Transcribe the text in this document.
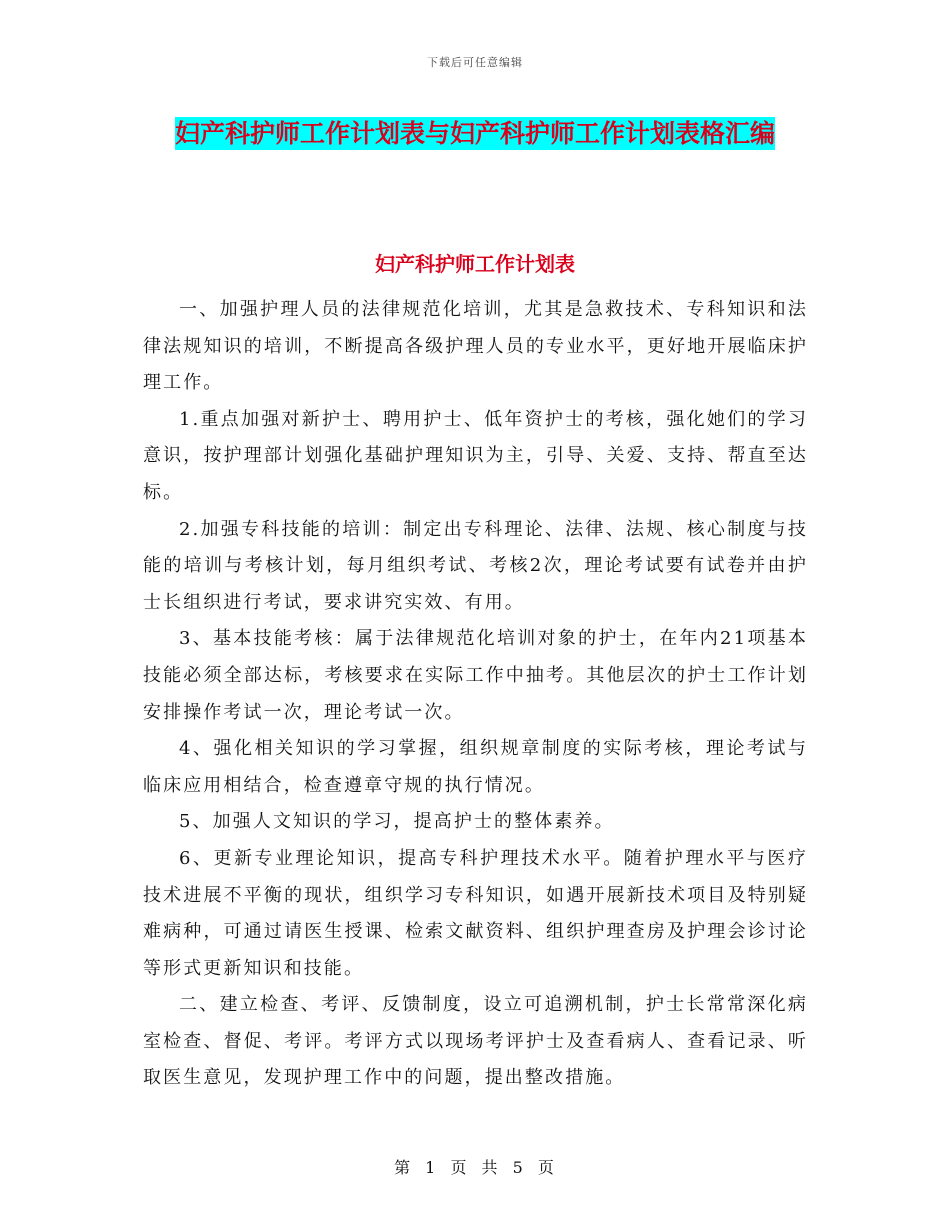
下载后可任意编辑
妇产科护师工作计划表与妇产科护师工作计划表格汇编
妇产科护师工作计划表

一、加强护理人员的法律规范化培训，尤其是急救技术、专科知识和法律法规知识的培训，不断提高各级护理人员的专业水平，更好地开展临床护理工作。

1.重点加强对新护士、聘用护士、低年资护士的考核，强化她们的学习意识，按护理部计划强化基础护理知识为主，引导、关爱、支持、帮直至达标。

2.加强专科技能的培训：制定出专科理论、法律、法规、核心制度与技能的培训与考核计划，每月组织考试、考核2次，理论考试要有试卷并由护士长组织进行考试，要求讲究实效、有用。

3、基本技能考核：属于法律规范化培训对象的护士，在年内21项基本技能必须全部达标，考核要求在实际工作中抽考。其他层次的护士工作计划安排操作考试一次，理论考试一次。

4、强化相关知识的学习掌握，组织规章制度的实际考核，理论考试与临床应用相结合，检查遵章守规的执行情况。

5、加强人文知识的学习，提高护士的整体素养。

6、更新专业理论知识，提高专科护理技术水平。随着护理水平与医疗技术进展不平衡的现状，组织学习专科知识，如遇开展新技术项目及特别疑难病种，可通过请医生授课、检索文献资料、组织护理查房及护理会诊讨论等形式更新知识和技能。

二、建立检查、考评、反馈制度，设立可追溯机制，护士长常常深化病室检查、督促、考评。考评方式以现场考评护士及查看病人、查看记录、听取医生意见，发现护理工作中的问题，提出整改措施。

第 1 页 共 5 页
